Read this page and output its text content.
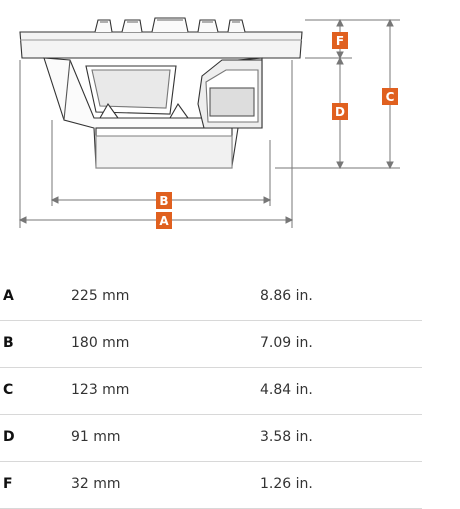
F
D
C
B
A
A	225 mm	8.86 in.
B	180 mm	7.09 in.
C	123 mm	4.84 in.
D	91 mm	3.58 in.
F	32 mm	1.26 in.
